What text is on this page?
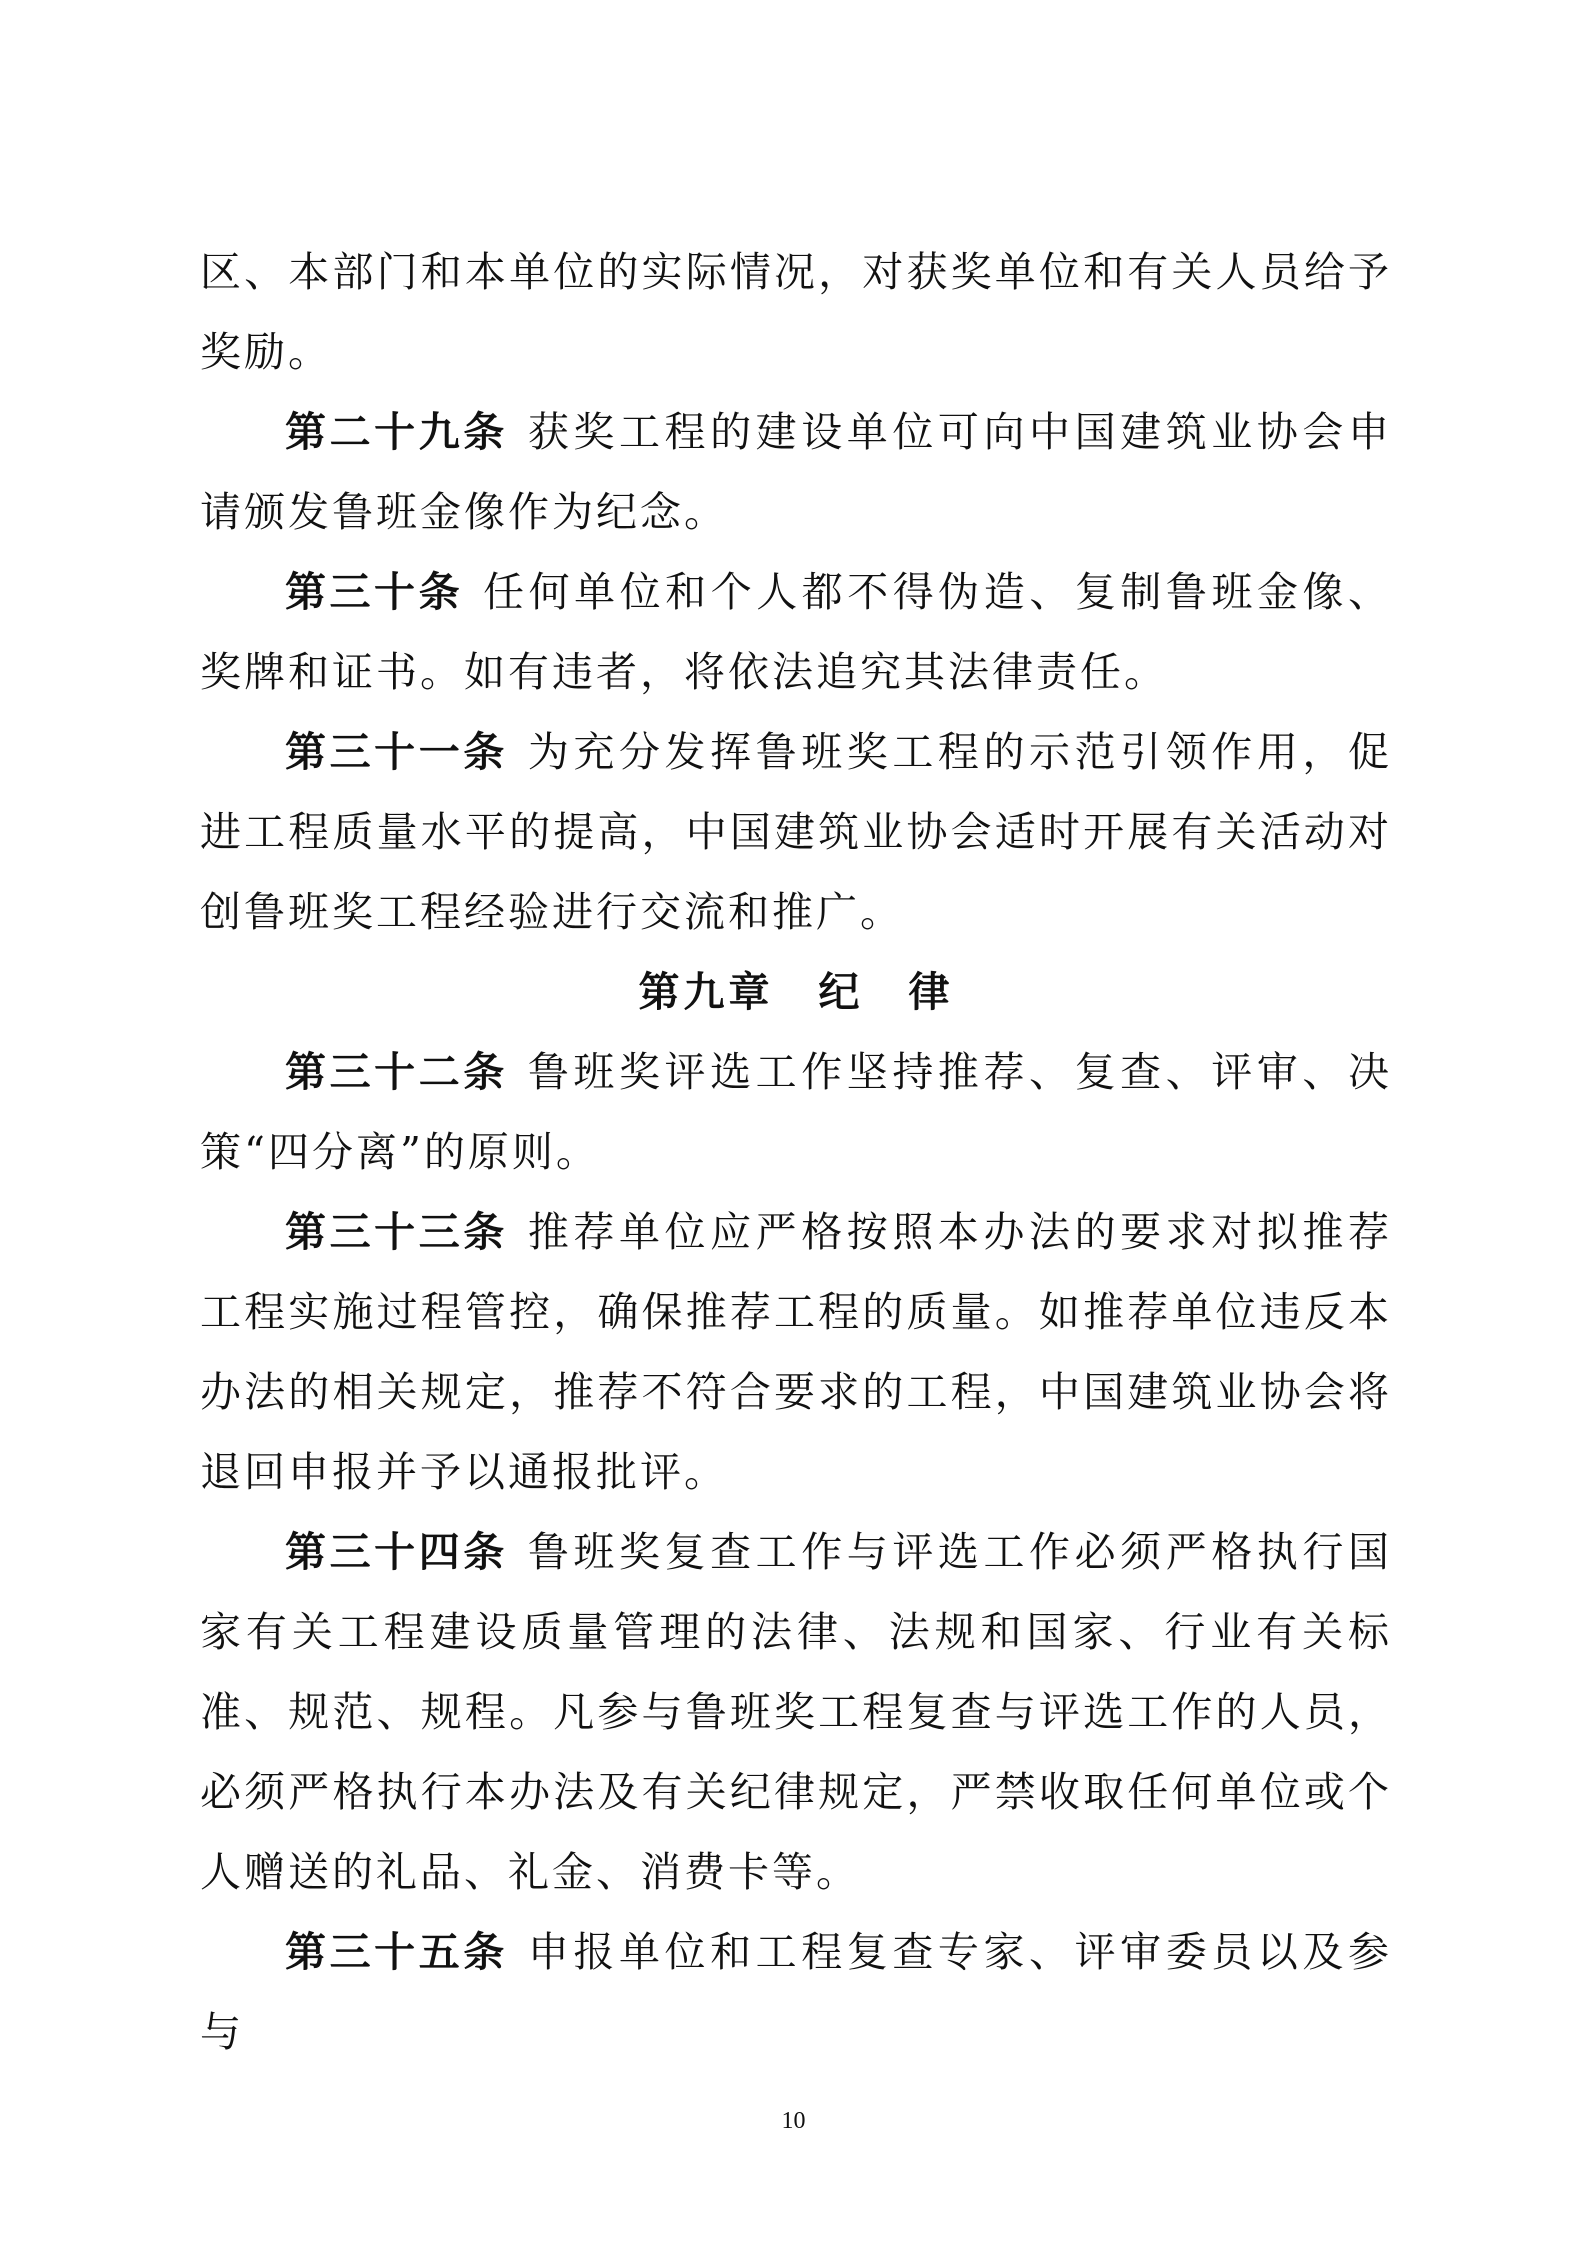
区、本部门和本单位的实际情况，对获奖单位和有关人员给予奖励。

第二十九条 获奖工程的建设单位可向中国建筑业协会申请颁发鲁班金像作为纪念。

第三十条 任何单位和个人都不得伪造、复制鲁班金像、奖牌和证书。如有违者，将依法追究其法律责任。

第三十一条 为充分发挥鲁班奖工程的示范引领作用，促进工程质量水平的提高，中国建筑业协会适时开展有关活动对创鲁班奖工程经验进行交流和推广。

第九章　纪　律

第三十二条 鲁班奖评选工作坚持推荐、复查、评审、决策“四分离”的原则。

第三十三条 推荐单位应严格按照本办法的要求对拟推荐工程实施过程管控，确保推荐工程的质量。如推荐单位违反本办法的相关规定，推荐不符合要求的工程，中国建筑业协会将退回申报并予以通报批评。

第三十四条 鲁班奖复查工作与评选工作必须严格执行国家有关工程建设质量管理的法律、法规和国家、行业有关标准、规范、规程。凡参与鲁班奖工程复查与评选工作的人员，必须严格执行本办法及有关纪律规定，严禁收取任何单位或个人赠送的礼品、礼金、消费卡等。

第三十五条 申报单位和工程复查专家、评审委员以及参与

10
